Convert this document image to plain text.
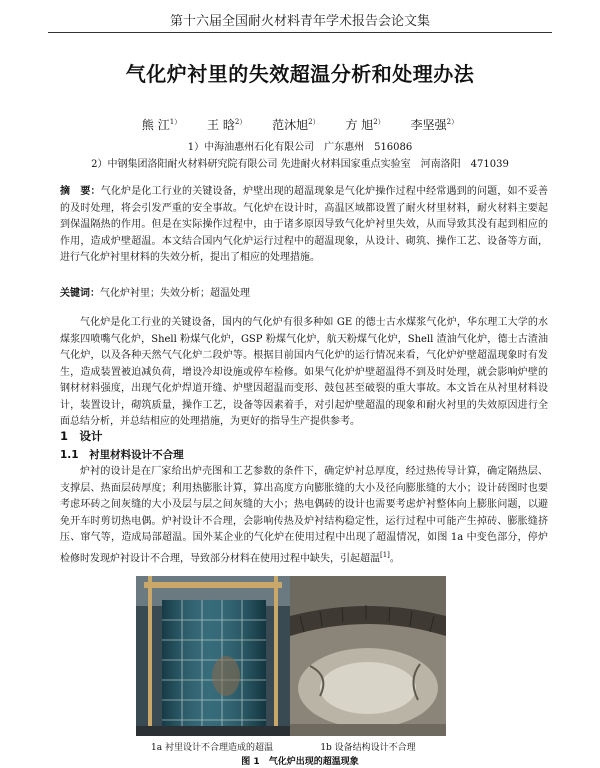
第十六届全国耐火材料青年学术报告会论文集
气化炉衬里的失效超温分析和处理办法
熊 江$^{1)}$ 王 晗$^{2)}$ 范沐旭$^{2)}$ 方 旭$^{2)}$ 李坚强$^{2)}$
1）中海油惠州石化有限公司　广东惠州　516086
2）中钢集团洛阳耐火材料研究院有限公司 先进耐火材料国家重点实验室　河南洛阳　471039
摘　要：气化炉是化工行业的关键设备，炉壁出现的超温现象是气化炉操作过程中经常遇到的问题，如不妥善的及时处理，将会引发严重的安全事故。气化炉在设计时，高温区域都设置了耐火材里材料，耐火材料主要起到保温隔热的作用。但是在实际操作过程中，由于诸多原因导致气化炉衬里失效，从而导致其没有起到相应的作用，造成炉壁超温。本文结合国内气化炉运行过程中的超温现象，从设计、砌筑、操作工艺、设备等方面，进行气化炉衬里材料的失效分析，提出了相应的处理措施。
关键词：气化炉衬里；失效分析；超温处理
气化炉是化工行业的关键设备，国内的气化炉有很多种如 GE 的德士古水煤浆气化炉，华东理工大学的水煤浆四喷嘴气化炉，Shell 粉煤气化炉，GSP 粉煤气化炉，航天粉煤气化炉，Shell 渣油气化炉，德士古渣油气化炉，以及各种天然气气化炉二段炉等。根据目前国内气化炉的运行情况来看，气化炉炉壁超温现象时有发生，造成装置被迫减负荷，增设冷却设施或停车检修。如果气化炉炉壁超温得不到及时处理，就会影响炉壁的钢材材料强度，出现气化炉焊道开缝、炉壁因超温而变形、鼓包甚至破裂的重大事故。本文旨在从衬里材料设计，装置设计，砌筑质量，操作工艺，设备等因素着手，对引起炉壁超温的现象和耐火衬里的失效原因进行全面总结分析，并总结相应的处理措施，为更好的指导生产提供参考。
1　设计
1.1　衬里材料设计不合理
炉衬的设计是在厂家给出炉壳图和工艺参数的条件下，确定炉衬总厚度，经过热传导计算，确定隔热层、支撑层、热面层砖厚度；利用热膨胀计算，算出高度方向膨胀缝的大小及径向膨胀缝的大小；设计砖图时也要考虑环砖之间灰缝的大小及层与层之间灰缝的大小；热电偶砖的设计也需要考虑炉衬整体向上膨胀问题，以避免开车时剪切热电偶。炉衬设计不合理，会影响传热及炉衬结构稳定性，运行过程中可能产生掉砖、膨胀缝挤压、窜气等，造成局部超温。国外某企业的气化炉在使用过程中出现了超温情况，如图 1a 中变色部分，停炉检修时发现炉衬设计不合理，导致部分材料在使用过程中缺失，引起超温[1]。
1a 衬里设计不合理造成的超温	1b 设备结构设计不合理
图 1　气化炉出现的超温现象
